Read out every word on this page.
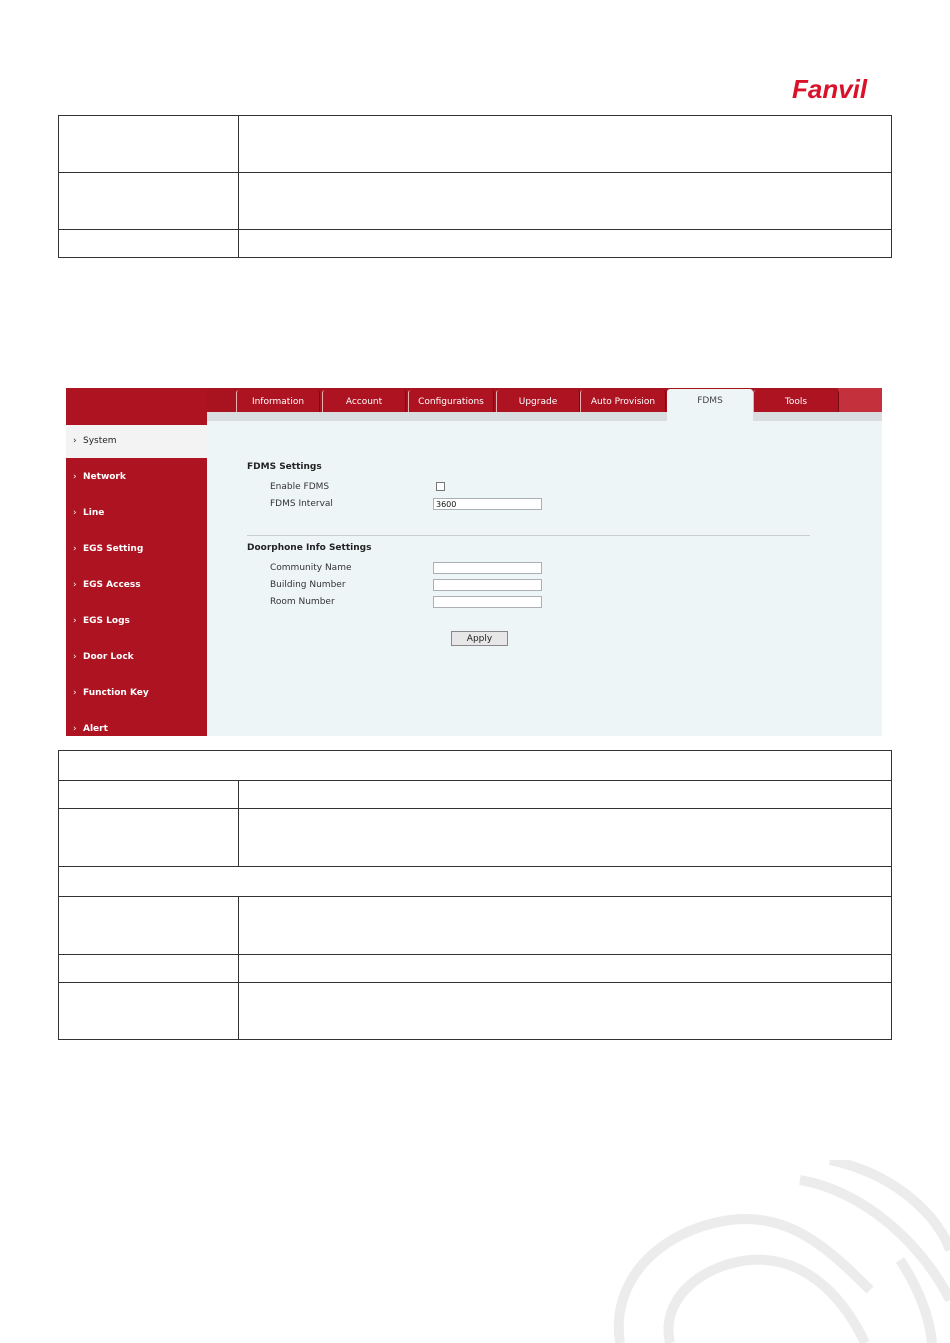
Fanvil

Information	Account	Configurations	Upgrade	Auto Provision	FDMS	Tools
› System
› Network
› Line
› EGS Setting
› EGS Access
› EGS Logs
› Door Lock
› Function Key
› Alert
FDMS Settings
Enable FDMS
FDMS Interval	3600
Doorphone Info Settings
Community Name
Building Number
Room Number
Apply
